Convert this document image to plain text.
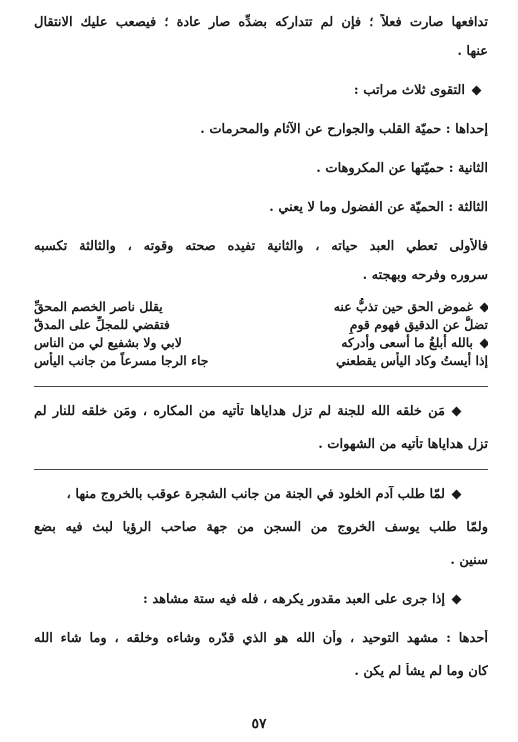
تدافعها صارت فعلاً ؛ فإن لم تتداركه بضدِّه صار عادة ؛ فيصعب عليك الانتقال
عنها .
التقوى ثلاث مراتب :
إحداها : حميّة القلب والجوارح عن الآثام والمحرمات .
الثانية : حميّتها عن المكروهات .
الثالثة : الحميّة عن الفضول وما لا يعني .
فالأولى تعطي العبد حياته ، والثانية تفيده صحته وقوته ، والثالثة تكسبه
سروره وفرحه وبهجته .
غموض الحق حين تذبُّ عنه
يقلل ناصر الخصم المحقِّ
تضلُّ عن الدقيق فهوم قومٍ
فتقضي للمجلِّ على المدقّ
بالله أبلغُ ما أسعى وأدركه
لابي ولا بشفيع لي من الناس
إذا أيستُ وكاد اليأس يقطعني
جاء الرجا مسرعاً من جانب اليأس
مَن خلقه الله للجنة لم تزل هداياها تأتيه من المكاره ، ومَن خلقه للنار لم
تزل هداياها تأتيه من الشهوات .
لمّا طلب آدم الخلود في الجنة من جانب الشجرة عوقب بالخروج منها ،
ولمّا طلب يوسف الخروج من السجن من جهة صاحب الرؤيا لبث فيه بضع
سنين .
إذا جرى على العبد مقدور يكرهه ، فله فيه ستة مشاهد :
أحدها : مشهد التوحيد ، وأن الله هو الذي قدّره وشاءه وخلقه ، وما شاء الله
كان وما لم يشأ لم يكن .
٥٧
